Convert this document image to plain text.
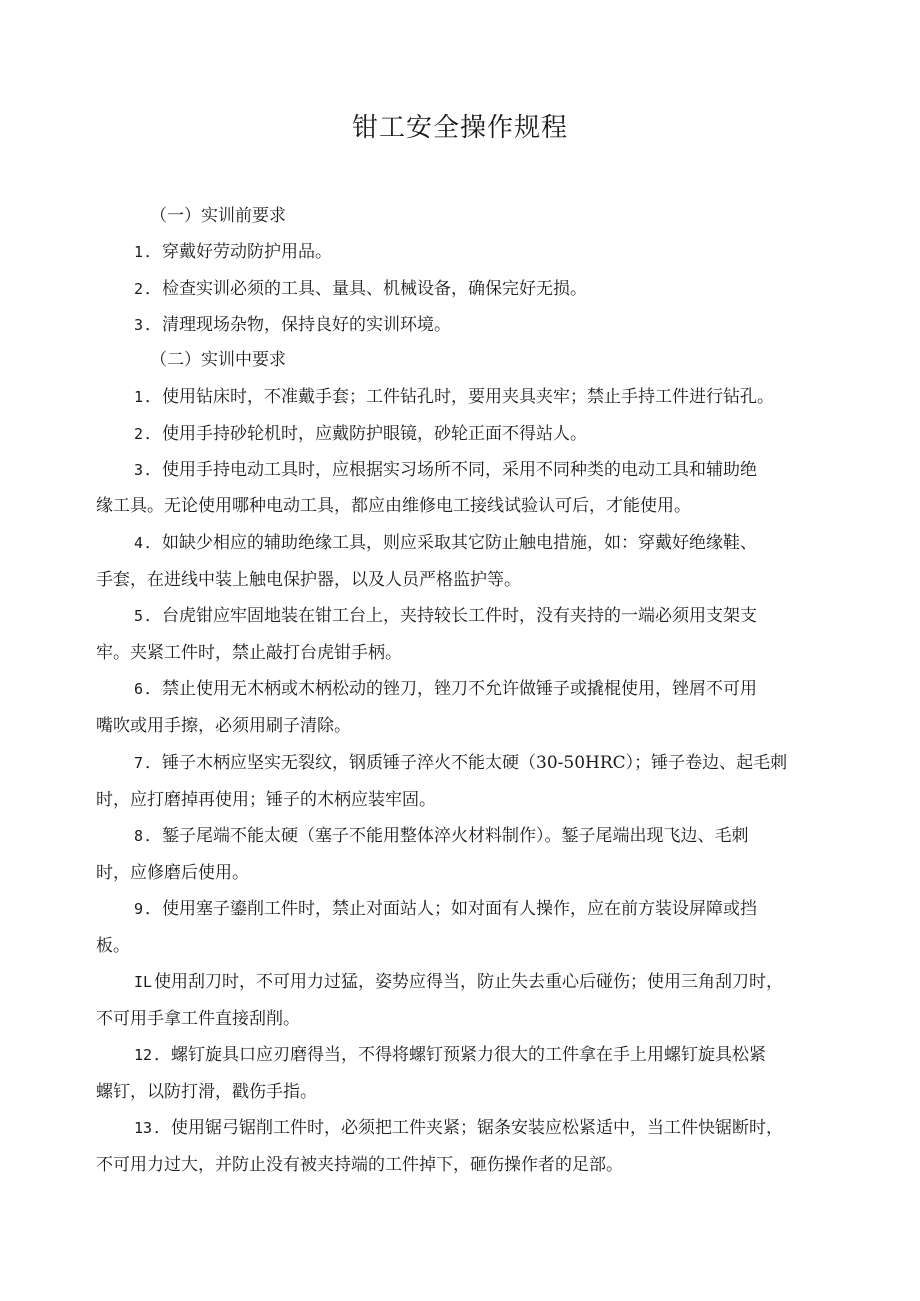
钳工安全操作规程
（一）实训前要求
1 ．穿戴好劳动防护用品。
2 ．检查实训必须的工具、量具、机械设备，确保完好无损。
3 ．清理现场杂物，保持良好的实训环境。
（二）实训中要求
1 ．使用钻床时，不准戴手套；工件钻孔时，要用夹具夹牢；禁止手持工件进行钻孔。
2 ．使用手持砂轮机时，应戴防护眼镜，砂轮正面不得站人。
3 ．使用手持电动工具时，应根据实习场所不同，采用不同种类的电动工具和辅助绝
缘工具。无论使用哪种电动工具，都应由维修电工接线试验认可后，才能使用。
4 ．如缺少相应的辅助绝缘工具，则应采取其它防止触电措施，如：穿戴好绝缘鞋、
手套，在进线中装上触电保护器，以及人员严格监护等。
5 ．台虎钳应牢固地装在钳工台上，夹持较长工件时，没有夹持的一端必须用支架支
牢。夹紧工件时，禁止敲打台虎钳手柄。
6 ．禁止使用无木柄或木柄松动的锉刀，锉刀不允许做锤子或撬棍使用，锉屑不可用
嘴吹或用手擦，必须用刷子清除。
7 ．锤子木柄应坚实无裂纹，钢质锤子淬火不能太硬（30-50HRC）；锤子卷边、起毛刺
时，应打磨掉再使用；锤子的木柄应装牢固。
8 ．錾子尾端不能太硬（塞子不能用整体淬火材料制作）。錾子尾端出现飞边、毛刺
时，应修磨后使用。
9 ．使用塞子鎏削工件时，禁止对面站人；如对面有人操作，应在前方装设屏障或挡
板。
IL 使用刮刀时，不可用力过猛，姿势应得当，防止失去重心后碰伤；使用三角刮刀时，
不可用手拿工件直接刮削。
12 ．螺钉旋具口应刃磨得当，不得将螺钉预紧力很大的工件拿在手上用螺钉旋具松紧
螺钉，以防打滑，戳伤手指。
13 ．使用锯弓锯削工件时，必须把工件夹紧；锯条安装应松紧适中，当工件快锯断时，
不可用力过大，并防止没有被夹持端的工件掉下，砸伤操作者的足部。
